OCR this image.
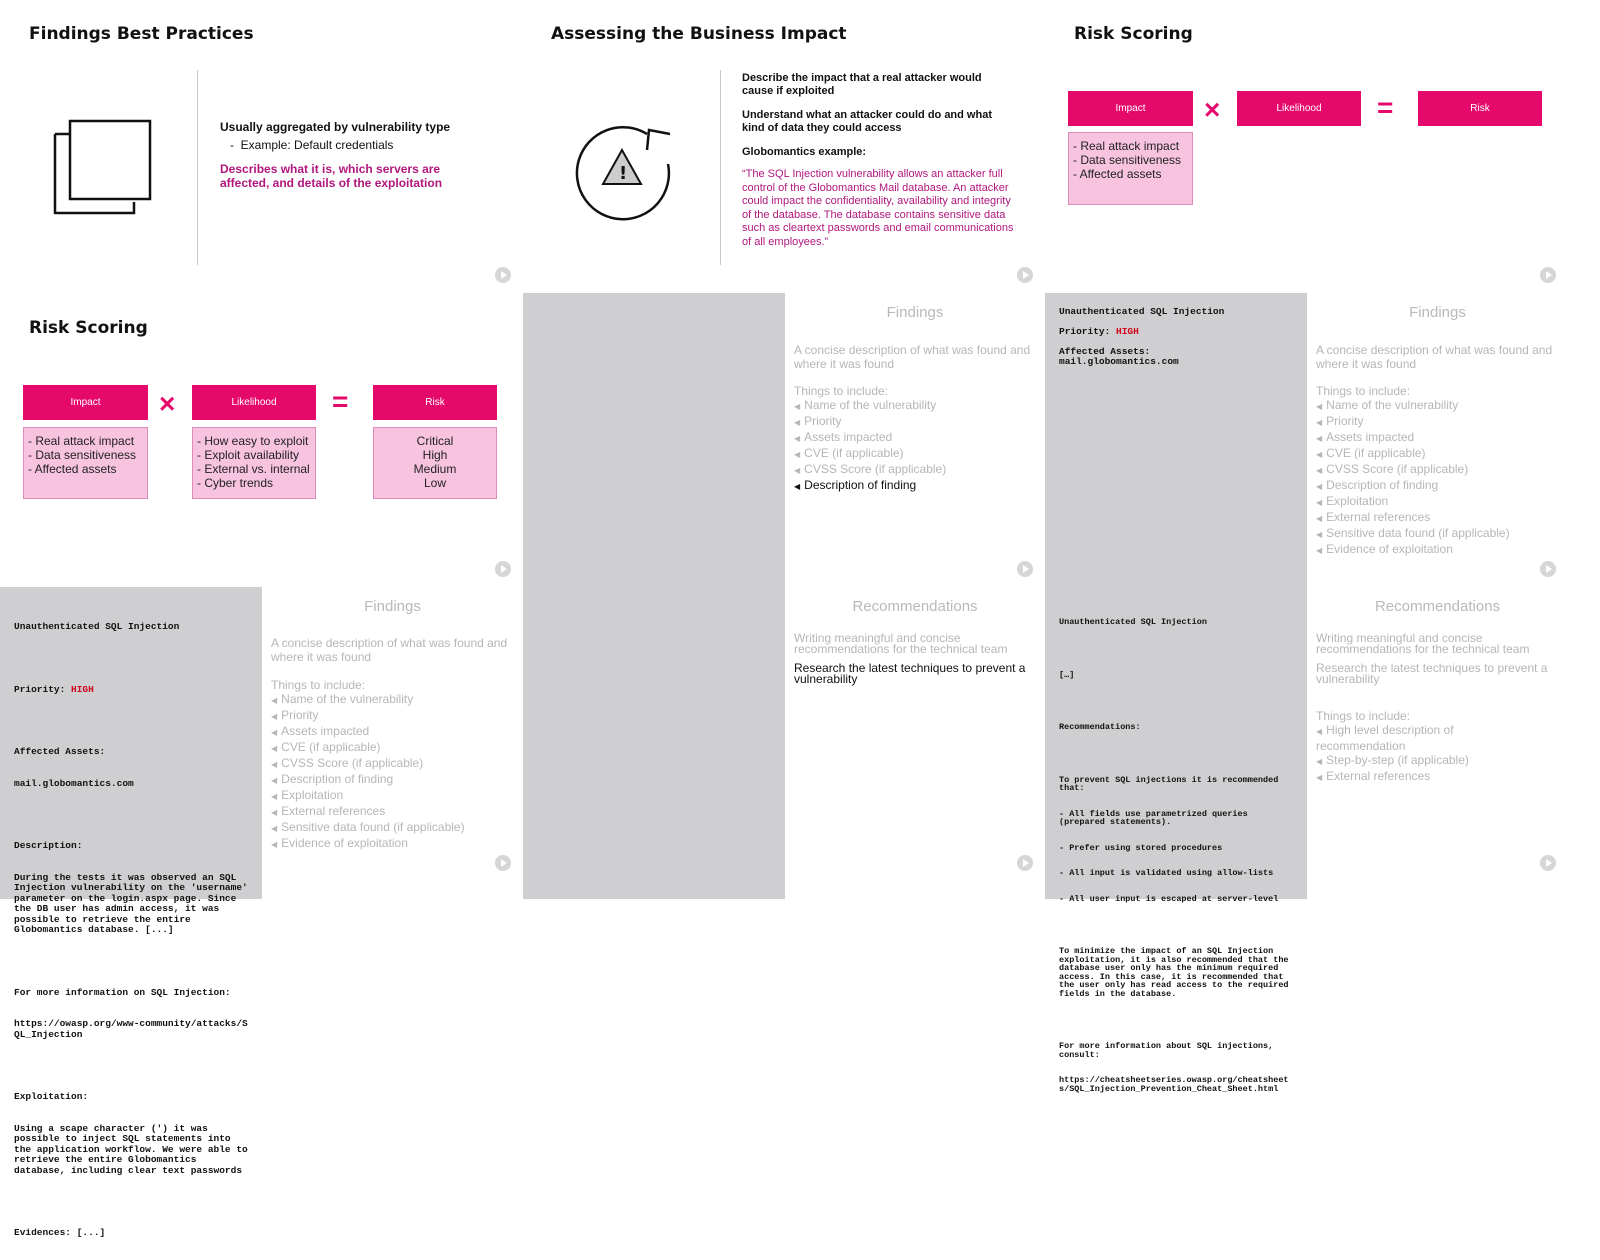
Findings Best Practices
Usually aggregated by vulnerability type
-  Example: Default credentials
Describes what it is, which servers are affected, and details of the exploitation
Assessing the Business Impact
!
Describe the impact that a real attacker would cause if exploited
Understand what an attacker could do and what kind of data they could access
Globomantics example:
“The SQL Injection vulnerability allows an attacker full control of the Globomantics Mail database. An attacker could impact the confidentiality, availability and integrity of the database. The database contains sensitive data such as cleartext passwords and email communications of all employees.”
Risk Scoring
Impact	×	Likelihood	=	Risk
- Real attack impact
- Data sensitiveness
- Affected assets
Risk Scoring
Impact	×	Likelihood	=	Risk
- Real attack impact
- Data sensitiveness
- Affected assets
- How easy to exploit
- Exploit availability
- External vs. internal
- Cyber trends
Critical
High
Medium
Low
Findings
A concise description of what was found and where it was found
Things to include:
◀ Name of the vulnerability
◀ Priority
◀ Assets impacted
◀ CVE (if applicable)
◀ CVSS Score (if applicable)
◀ Description of finding
Unauthenticated SQL Injection
Priority: HIGH
Affected Assets:
mail.globomantics.com
Findings
A concise description of what was found and where it was found
Things to include:
◀ Name of the vulnerability
◀ Priority
◀ Assets impacted
◀ CVE (if applicable)
◀ CVSS Score (if applicable)
◀ Description of finding
◀ Exploitation
◀ External references
◀ Sensitive data found (if applicable)
◀ Evidence of exploitation

Unauthenticated SQL Injection

Priority: HIGH

Affected Assets:

mail.globomantics.com

Description:

During the tests it was observed an SQL Injection vulnerability on the 'username' parameter on the login.aspx page. Since the DB user has admin access, it was possible to retrieve the entire Globomantics database. [...]

For more information on SQL Injection:

https://owasp.org/www-community/attacks/SQL_Injection

Exploitation:

Using a scape character (') it was possible to inject SQL statements into the application workflow. We were able to retrieve the entire Globomantics database, including clear text passwords

Evidences: [...]

Findings
A concise description of what was found and where it was found
Things to include:
◀ Name of the vulnerability
◀ Priority
◀ Assets impacted
◀ CVE (if applicable)
◀ CVSS Score (if applicable)
◀ Description of finding
◀ Exploitation
◀ External references
◀ Sensitive data found (if applicable)
◀ Evidence of exploitation
Recommendations
Writing meaningful and concise recommendations for the technical team
Research the latest techniques to prevent a vulnerability

Unauthenticated SQL Injection

[…]

Recommendations:

To prevent SQL injections it is recommended that:

- All fields use parametrized queries (prepared statements).

- Prefer using stored procedures

- All input is validated using allow-lists

- All user input is escaped at server-level

To minimize the impact of an SQL Injection exploitation, it is also recommended that the database user only has the minimum required access. In this case, it is recommended that the user only has read access to the required fields in the database.

For more information about SQL injections, consult:

https://cheatsheetseries.owasp.org/cheatsheets/SQL_Injection_Prevention_Cheat_Sheet.html

Recommendations
Writing meaningful and concise recommendations for the technical team
Research the latest techniques to prevent a vulnerability
Things to include:
◀ High level description of recommendation
◀ Step-by-step (if applicable)
◀ External references
